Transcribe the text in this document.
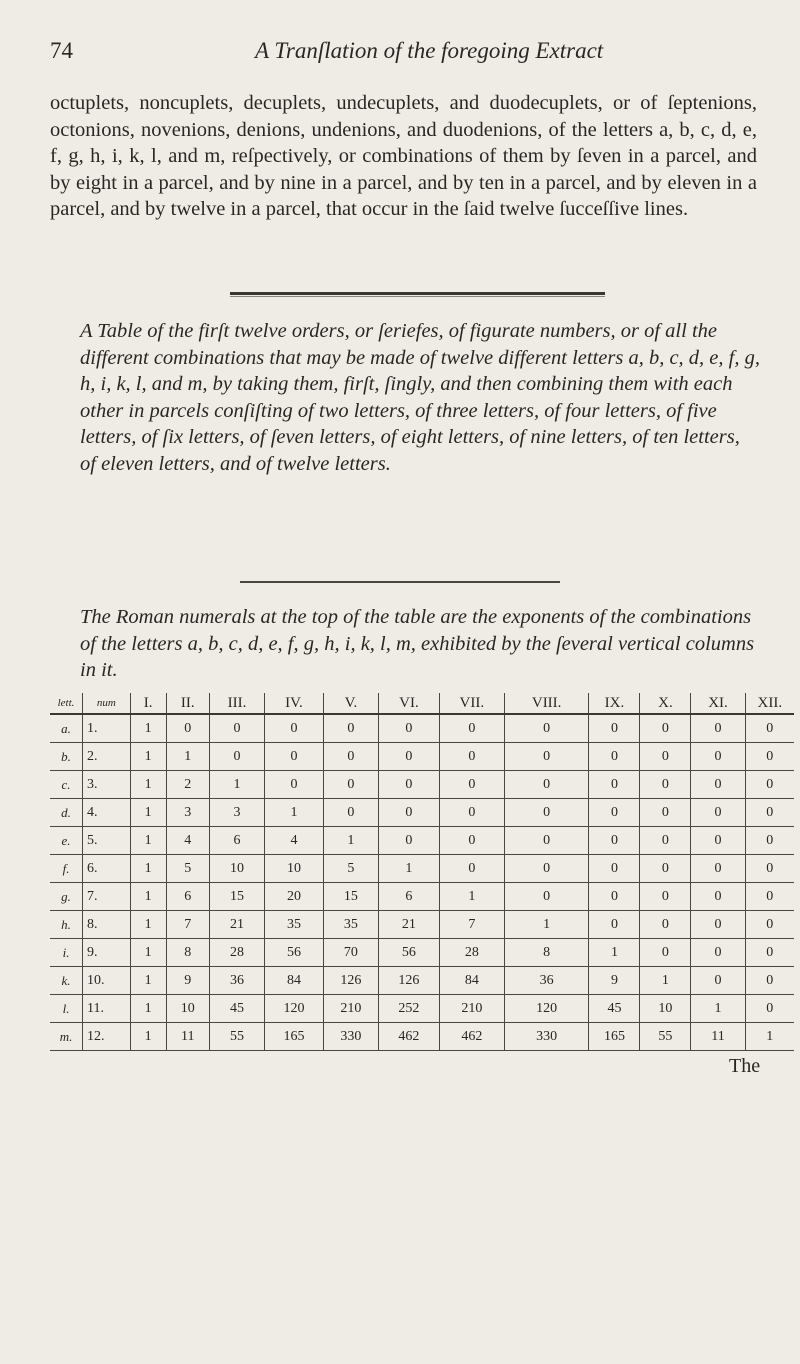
74	A Tranſlation of the foregoing Extract
octuplets, noncuplets, decuplets, undecuplets, and duodecuplets, or of ſeptenions, octonions, novenions, denions, undenions, and duodenions, of the letters a, b, c, d, e, f, g, h, i, k, l, and m, reſpectively, or combinations of them by ſeven in a parcel, and by eight in a parcel, and by nine in a parcel, and by ten in a parcel, and by eleven in a parcel, and by twelve in a parcel, that occur in the ſaid twelve ſucceſſive lines.
A Table of the firſt twelve orders, or ſeriefes, of figurate numbers, or of all the different combinations that may be made of twelve different letters a, b, c, d, e, f, g, h, i, k, l, and m, by taking them, firſt, ſingly, and then combining them with each other in parcels conſiſting of two letters, of three letters, of four letters, of five letters, of ſix letters, of ſeven letters, of eight letters, of nine letters, of ten letters, of eleven letters, and of twelve letters.
The Roman numerals at the top of the table are the exponents of the combinations of the letters a, b, c, d, e, f, g, h, i, k, l, m, exhibited by the ſeveral vertical columns in it.
lett.	num	I.	II.	III.	IV.	V.	VI.	VII.	VIII.	IX.	X.	XI.	XII.
a.	1.	1	0	0	0	0	0	0	0	0	0	0	0
b.	2.	1	1	0	0	0	0	0	0	0	0	0	0
c.	3.	1	2	1	0	0	0	0	0	0	0	0	0
d.	4.	1	3	3	1	0	0	0	0	0	0	0	0
e.	5.	1	4	6	4	1	0	0	0	0	0	0	0
f.	6.	1	5	10	10	5	1	0	0	0	0	0	0
g.	7.	1	6	15	20	15	6	1	0	0	0	0	0
h.	8.	1	7	21	35	35	21	7	1	0	0	0	0
i.	9.	1	8	28	56	70	56	28	8	1	0	0	0
k.	10.	1	9	36	84	126	126	84	36	9	1	0	0
l.	11.	1	10	45	120	210	252	210	120	45	10	1	0
m.	12.	1	11	55	165	330	462	462	330	165	55	11	1
The
